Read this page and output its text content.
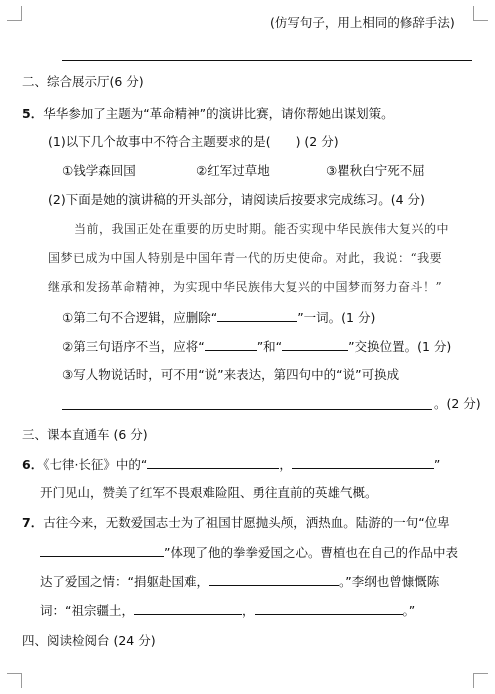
(仿写句子，用上相同的修辞手法)
二、综合展示厅(6 分)
5．华华参加了主题为“革命精神”的演讲比赛，请你帮她出谋划策。
(1)以下几个故事中不符合主题要求的是(　　) (2 分)
①钱学森回国	②红军过草地	③瞿秋白宁死不屈
(2)下面是她的演讲稿的开头部分，请阅读后按要求完成练习。(4 分)
当前，我国正处在重要的历史时期。能否实现中华民族伟大复兴的中
国梦已成为中国人特别是中国年青一代的历史使命。对此，我说：“我要
继承和发扬革命精神，为实现中华民族伟大复兴的中国梦而努力奋斗！”
①第二句不合逻辑，应删除“	”一词。(1 分)
②第三句语序不当，应将“	”和“	”交换位置。(1 分)
③写人物说话时，可不用“说”来表达，第四句中的“说”可换成
。(2 分)
三、课本直通车 (6 分)
6．《七律·长征》中的“	，	”
开门见山，赞美了红军不畏艰难险阻、勇往直前的英雄气概。
7．古往今来，无数爱国志士为了祖国甘愿抛头颅，洒热血。陆游的一句“位卑
”体现了他的拳拳爱国之心。曹植也在自己的作品中表
达了爱国之情：“捐躯赴国难，	。”李纲也曾慷慨陈
词：“祖宗疆土，	，	。”
四、阅读检阅台 (24 分)
